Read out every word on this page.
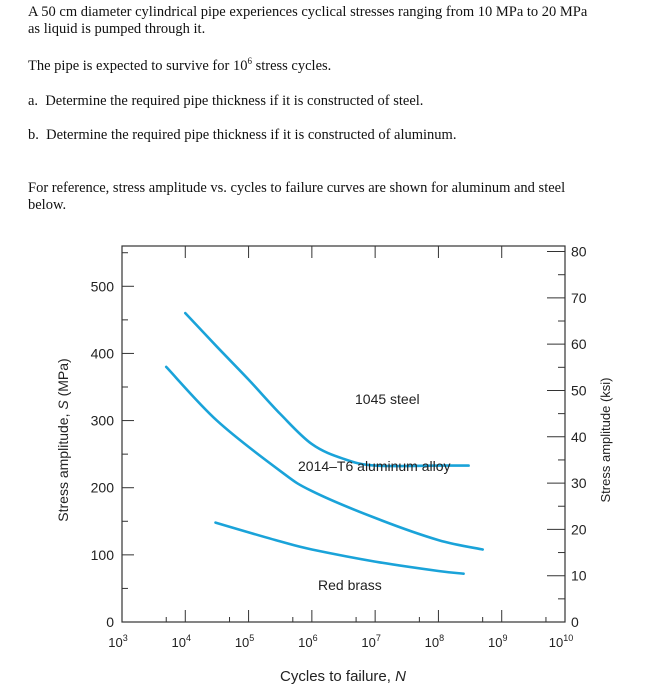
A 50 cm diameter cylindrical pipe experiences cyclical stresses ranging from 10 MPa to 20 MPa
as liquid is pumped through it.
The pipe is expected to survive for $10^6$ stress cycles.
a. Determine the required pipe thickness if it is constructed of steel.
b. Determine the required pipe thickness if it is constructed of aluminum.
For reference, stress amplitude vs. cycles to failure curves are shown for aluminum and steel
below.
$10^3$	$10^4$	$10^5$	$10^6$	$10^7$	$10^8$	$10^9$	$10^{10}$
0
100
200
300
400
500
0
10
20
30
40
50
60
70
80
1045 steel
2014–T6 aluminum alloy
Red brass
Cycles to failure, N
Stress amplitude, S (MPa)	Stress amplitude (ksi)
